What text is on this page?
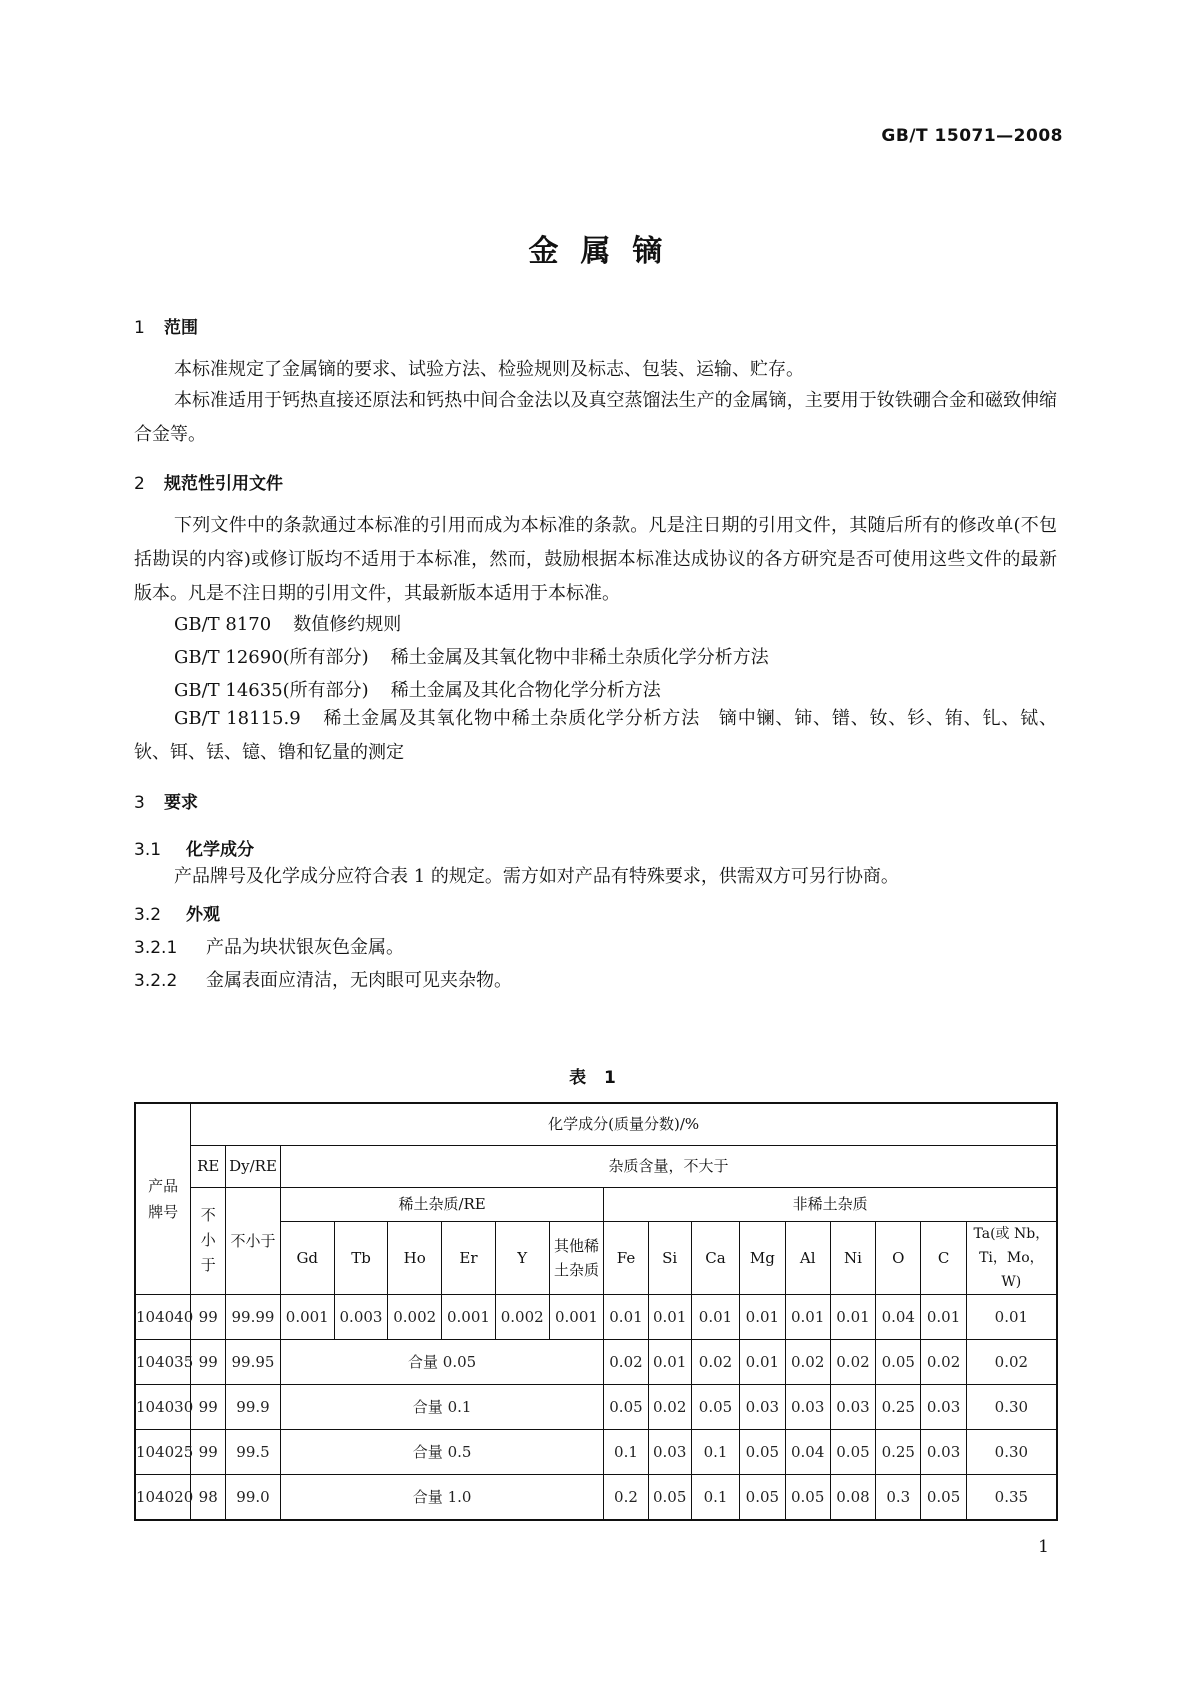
GB/T 15071—2008
金属镝
1 范围
本标准规定了金属镝的要求、试验方法、检验规则及标志、包装、运输、贮存。
本标准适用于钙热直接还原法和钙热中间合金法以及真空蒸馏法生产的金属镝，主要用于钕铁硼合金和磁致伸缩合金等。
2 规范性引用文件
下列文件中的条款通过本标准的引用而成为本标准的条款。凡是注日期的引用文件，其随后所有的修改单(不包括勘误的内容)或修订版均不适用于本标准，然而，鼓励根据本标准达成协议的各方研究是否可使用这些文件的最新版本。凡是不注日期的引用文件，其最新版本适用于本标准。
GB/T 8170 数值修约规则
GB/T 12690(所有部分) 稀土金属及其氧化物中非稀土杂质化学分析方法
GB/T 14635(所有部分) 稀土金属及其化合物化学分析方法
GB/T 18115.9 稀土金属及其氧化物中稀土杂质化学分析方法　镝中镧、铈、镨、钕、钐、铕、钆、铽、钬、铒、铥、镱、镥和钇量的测定
3 要求
3.1 化学成分
产品牌号及化学成分应符合表 1 的规定。需方如对产品有特殊要求，供需双方可另行协商。
3.2 外观
3.2.1 产品为块状银灰色金属。
3.2.2 金属表面应清洁，无肉眼可见夹杂物。
表 1
产品牌号	化学成分(质量分数)/%																
	RE	Dy/RE	杂质含量，不大于														

	不小于	不小于	稀土杂质/RE						非稀土杂质								
			Gd	Tb	Ho	Er	Y	其他稀土杂质	Fe	Si	Ca	Mg	Al	Ni	O	C	Ta(或 Nb，Ti，Mo，W)

104040	99	99.99	0.001	0.003	0.002	0.001	0.002	0.001	0.01	0.01	0.01	0.01	0.01	0.01	0.04	0.01	0.01
104035	99	99.95	合量 0.05						0.02	0.01	0.02	0.01	0.02	0.02	0.05	0.02	0.02
104030	99	99.9	合量 0.1						0.05	0.02	0.05	0.03	0.03	0.03	0.25	0.03	0.30
104025	99	99.5	合量 0.5						0.1	0.03	0.1	0.05	0.04	0.05	0.25	0.03	0.30
104020	98	99.0	合量 1.0						0.2	0.05	0.1	0.05	0.05	0.08	0.3	0.05	0.35
1
